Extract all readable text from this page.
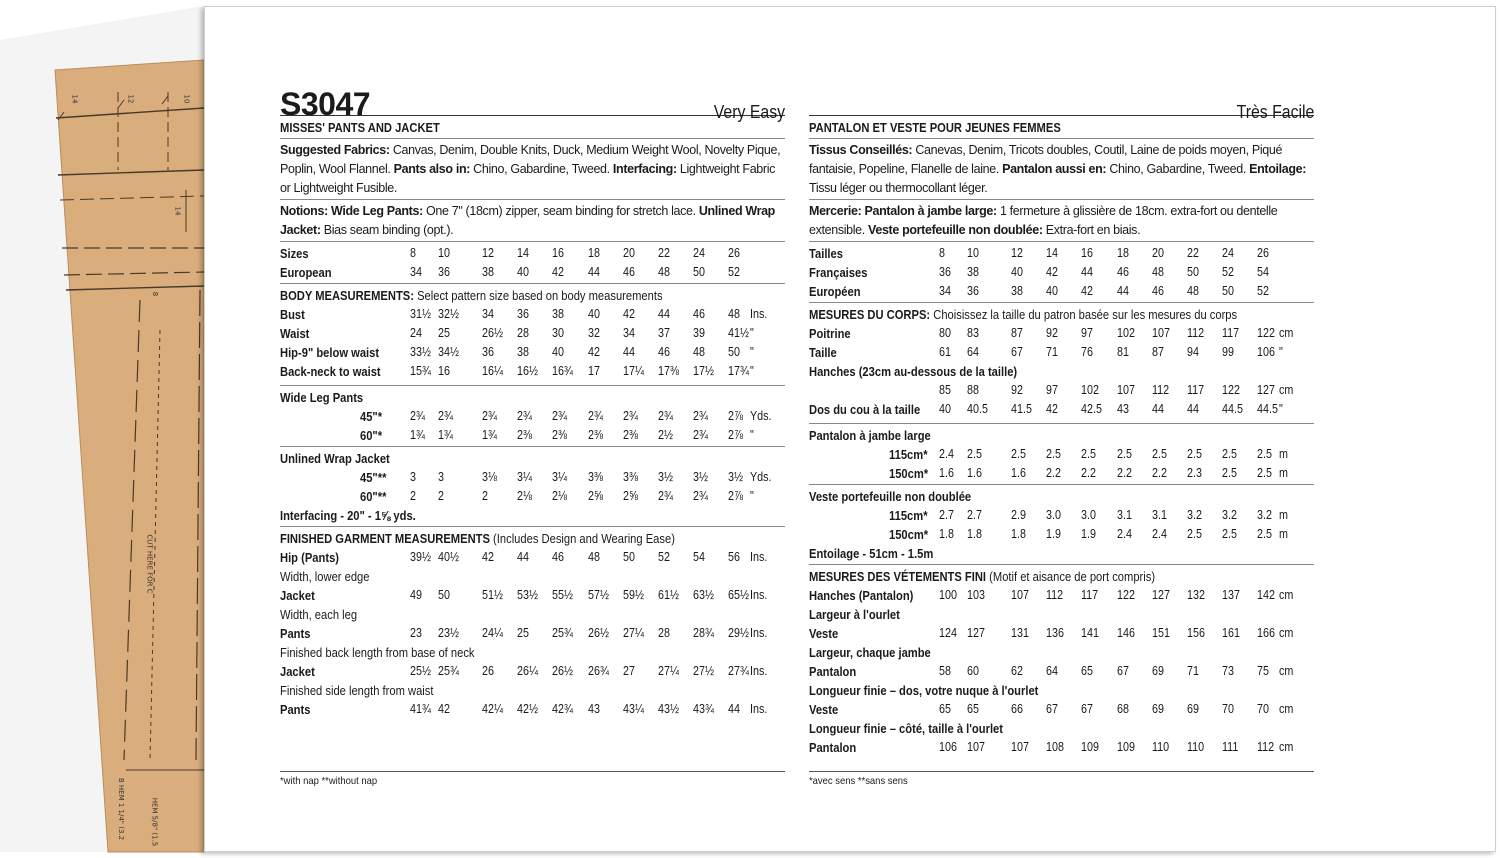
14	12	10
14
8
CUT HERE FOR C
B HEM 1 1/4" (3.2	HEM 5/8" (1.5
S3047	Very Easy
MISSES' PANTS AND JACKET
Suggested Fabrics: Canvas, Denim, Double Knits, Duck, Medium Weight Wool, Novelty Pique, Poplin, Wool Flannel. Pants also in: Chino, Gabardine, Tweed. Interfacing: Lightweight Fabric or Lightweight Fusible.
Notions: Wide Leg Pants: One 7" (18cm) zipper, seam binding for stretch lace. Unlined Wrap Jacket: Bias seam binding (opt.).
Sizes	8 10	12 14 16 18 20 22 24 26
European	34 36	38 40 42 44 46 48 50 52
BODY MEASUREMENTS: Select pattern size based on body measurements
Bust	31½ 32½ 34 36 38 40 42 44 46 48 Ins.
Waist	24 25	26½ 28 30 32 34 37 39 41½ "
Hip-9" below waist 33½ 34½ 36 38 40 42 44 46 48 50 "
Back-neck to waist 15¾ 16	16¼ 16½ 16¾ 17 17¼ 17⅜ 17½ 17¾ "
Wide Leg Pants
45"* 2¾ 2¾ 2¾ 2¾ 2¾ 2¾ 2¾ 2¾ 2¾ 2⅞ Yds.
60"* 1¾ 1¾ 1¾ 2⅜ 2⅜ 2⅜ 2⅜ 2½ 2¾ 2⅞ "
Unlined Wrap Jacket
45"** 3 3	3⅛ 3¼ 3¼ 3⅜ 3⅜ 3½ 3½ 3½ Yds.
60"** 2 2	2 2⅛ 2⅛ 2⅝ 2⅝ 2¾ 2¾ 2⅞ "
Interfacing - 20" - 1⅝ yds.
FINISHED GARMENT MEASUREMENTS (Includes Design and Wearing Ease)
Hip (Pants)	39½ 40½ 42 44 46 48 50 52 54 56 Ins.
Width, lower edge
Jacket	49 50	51½ 53½ 55½ 57½ 59½ 61½ 63½ 65½ Ins.
Width, each leg
Pants	23 23½ 24¼ 25 25¾ 26½ 27¼ 28 28¾ 29½ Ins.
Finished back length from base of neck
Jacket	25½ 25¾ 26 26¼ 26½ 26¾ 27 27¼ 27½ 27¾ Ins.
Finished side length from waist
Pants	41¾ 42	42¼ 42½ 42¾ 43 43¼ 43½ 43¾ 44 Ins.
*with nap **without nap
Très Facile
PANTALON ET VESTE POUR JEUNES FEMMES
Tissus Conseillés: Canevas, Denim, Tricots doubles, Coutil, Laine de poids moyen, Piqué fantaisie, Popeline, Flanelle de laine. Pantalon aussi en: Chino, Gabardine, Tweed. Entoilage: Tissu léger ou thermocollant léger.
Mercerie: Pantalon à jambe large: 1 fermeture à glissière de 18cm. extra-fort ou dentelle extensible. Veste portefeuille non doublée: Extra-fort en biais.
Tailles	8 10	12 14 16 18 20 22 24 26
Françaises	36 38	40 42 44 46 48 50 52 54
Européen	34 36	38 40 42 44 46 48 50 52
MESURES DU CORPS: Choisissez la taille du patron basée sur les mesures du corps
Poitrine	80 83	87 92 97 102 107 112 117 122 cm
Taille	61 64	67 71 76 81 87 94 99 106 "
Hanches (23cm au-dessous de la taille)
85 88	92 97 102 107 112 117 122 127 cm
Dos du cou à la taille 40 40.5 41.5 42 42.5 43 44 44 44.5 44.5 "
Pantalon à jambe large
115cm* 2.4 2.5 2.5 2.5 2.5 2.5 2.5 2.5 2.5 2.5 m
150cm* 1.6 1.6 1.6 2.2 2.2 2.2 2.2 2.3 2.5 2.5 m
Veste portefeuille non doublée
115cm* 2.7 2.7 2.9 3.0 3.0 3.1 3.1 3.2 3.2 3.2 m
150cm* 1.8 1.8 1.8 1.9 1.9 2.4 2.4 2.5 2.5 2.5 m
Entoilage - 51cm - 1.5m
MESURES DES VÉTEMENTS FINI (Motif et aisance de port compris)
Hanches (Pantalon) 100 103 107 112 117 122 127 132 137 142 cm
Largeur à l'ourlet
Veste	124 127 131 136 141 146 151 156 161 166 cm
Largeur, chaque jambe
Pantalon	58 60	62 64 65 67 69 71 73 75 cm
Longueur finie – dos, votre nuque à l'ourlet
Veste	65 65	66 67 67 68 69 69 70 70 cm
Longueur finie – côté, taille à l'ourlet
Pantalon	106 107 107 108 109 109 110 110 111 112 cm
*avec sens **sans sens
